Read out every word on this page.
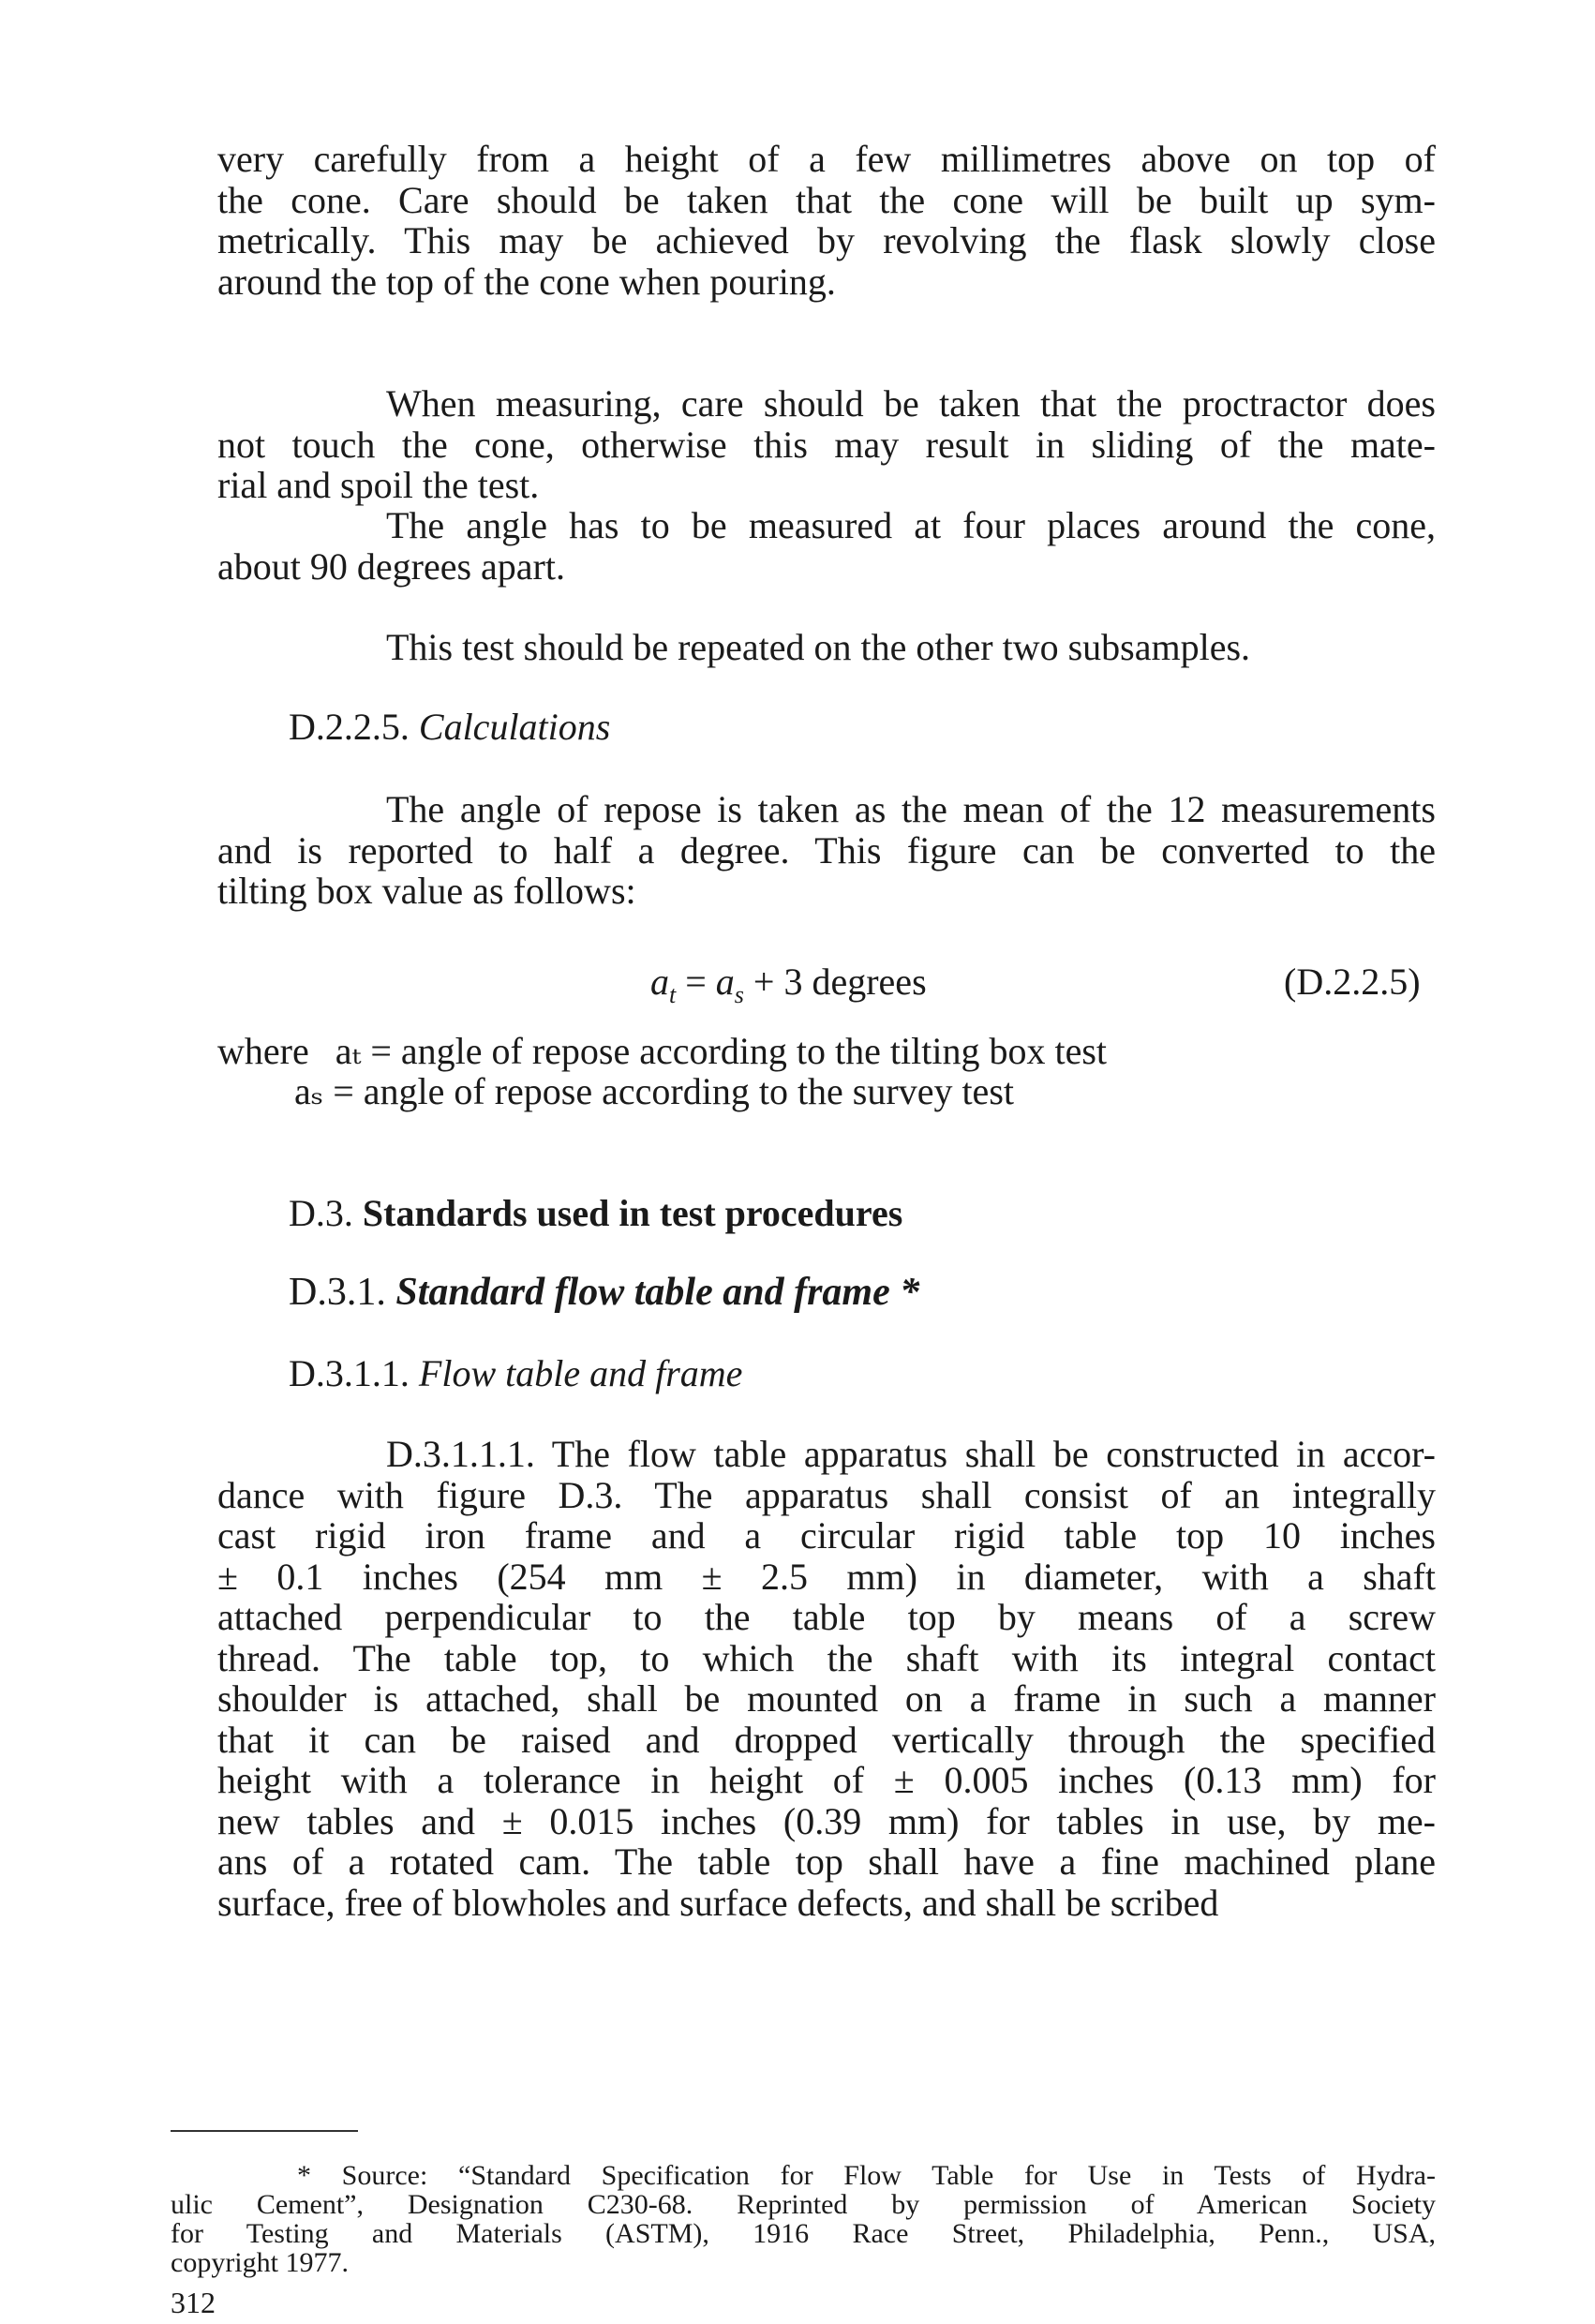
very carefully from a height of a few millimetres above on top of
the cone. Care should be taken that the cone will be built up sym-
metrically. This may be achieved by revolving the flask slowly close
around the top of the cone when pouring.
When measuring, care should be taken that the proctractor does
not touch the cone, otherwise this may result in sliding of the mate-
rial and spoil the test.
The angle has to be measured at four places around the cone,
about 90 degrees apart.
This test should be repeated on the other two subsamples.
D.2.2.5. Calculations
The angle of repose is taken as the mean of the 12 measurements
and is reported to half a degree. This figure can be converted to the
tilting box value as follows:
$a_t = a_s + 3$ degrees	(D.2.2.5)
where aₜ = angle of repose according to the tilting box test
aₛ = angle of repose according to the survey test
D.3. Standards used in test procedures
D.3.1. Standard flow table and frame *
D.3.1.1. Flow table and frame
D.3.1.1.1. The flow table apparatus shall be constructed in accor-
dance with figure D.3. The apparatus shall consist of an integrally
cast rigid iron frame and a circular rigid table top 10 inches
± 0.1 inches (254 mm ± 2.5 mm) in diameter, with a shaft
attached perpendicular to the table top by means of a screw
thread. The table top, to which the shaft with its integral contact
shoulder is attached, shall be mounted on a frame in such a manner
that it can be raised and dropped vertically through the specified
height with a tolerance in height of ± 0.005 inches (0.13 mm) for
new tables and ± 0.015 inches (0.39 mm) for tables in use, by me-
ans of a rotated cam. The table top shall have a fine machined plane
surface, free of blowholes and surface defects, and shall be scribed
* Source: “Standard Specification for Flow Table for Use in Tests of Hydra-
ulic Cement”, Designation C230-68. Reprinted by permission of American Society
for Testing and Materials (ASTM), 1916 Race Street, Philadelphia, Penn., USA,
copyright 1977.
312
